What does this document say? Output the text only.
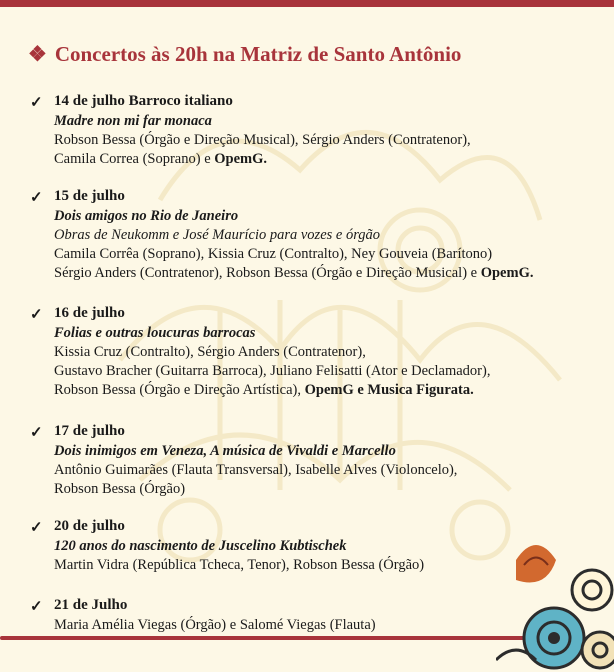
❖ Concertos às 20h na Matriz de Santo Antônio
✓ 14 de julho Barroco italiano
Madre non mi far monaca
Robson Bessa (Órgão e Direção Musical), Sérgio Anders (Contratenor),
Camila Correa (Soprano) e OpemG.
✓ 15 de julho
Dois amigos no Rio de Janeiro
Obras de Neukomm e José Maurício para vozes e órgão
Camila Corrêa (Soprano), Kissia Cruz (Contralto), Ney Gouveia (Barítono)
Sérgio Anders (Contratenor), Robson Bessa (Órgão e Direção Musical) e OpemG.
✓ 16 de julho
Folias e outras loucuras barrocas
Kissia Cruz (Contralto), Sérgio Anders (Contratenor),
Gustavo Bracher (Guitarra Barroca), Juliano Felisatti (Ator e Declamador),
Robson Bessa (Órgão e Direção Artística), OpemG e Musica Figurata.
✓ 17 de julho
Dois inimigos em Veneza, A música de Vivaldi e Marcello
Antônio Guimarães (Flauta Transversal), Isabelle Alves (Violoncelo),
Robson Bessa (Órgão)
✓ 20 de julho
120 anos do nascimento de Juscelino Kubtischek
Martin Vidra (República Tcheca, Tenor), Robson Bessa (Órgão)
✓ 21 de Julho
Maria Amélia Viegas (Órgão) e Salomé Viegas (Flauta)
